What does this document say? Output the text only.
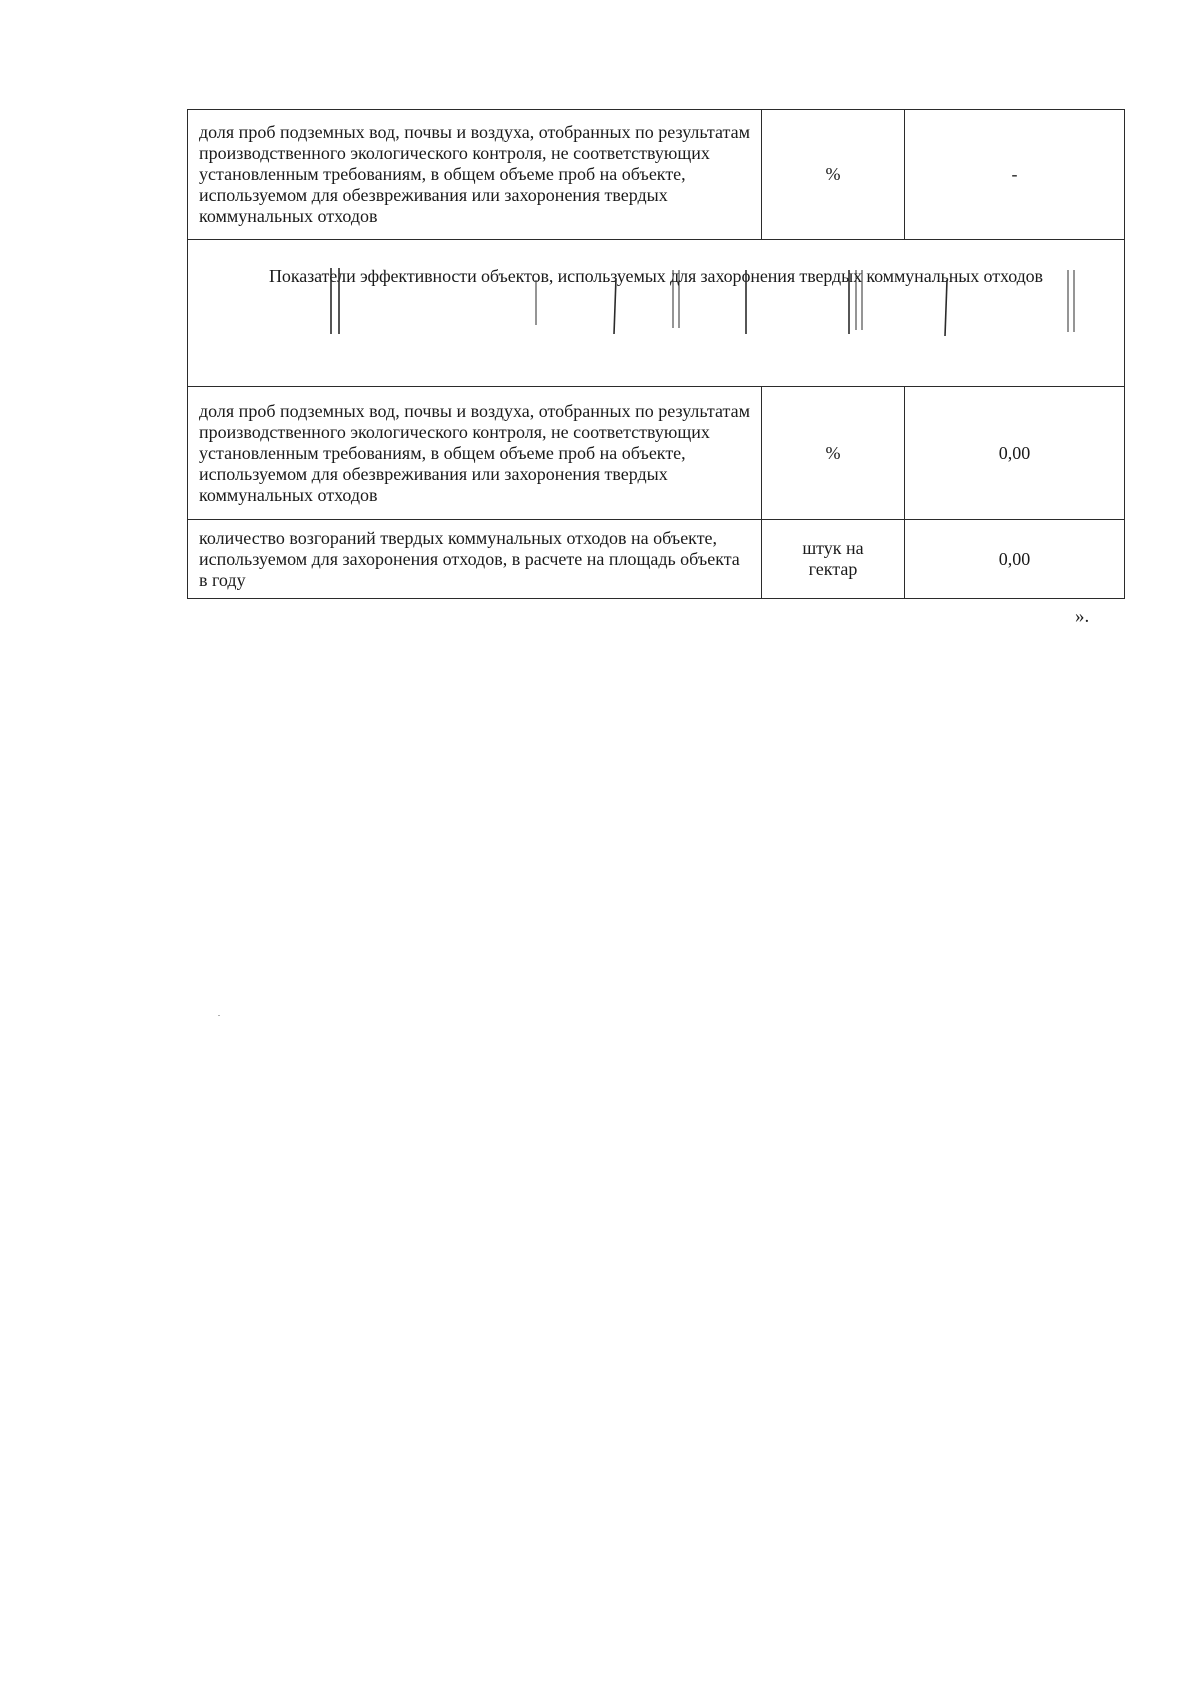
доля проб подземных вод, почвы и воздуха, отобранных по результатам производственного экологического контроля, не соответствующих установленным требованиям, в общем объеме проб на объекте, используемом для обезвреживания или захоронения твердых коммунальных отходов	%	-

Показатели эффективности объектов, используемых для захоронения твердых коммунальных отходов		

доля проб подземных вод, почвы и воздуха, отобранных по результатам производственного экологического контроля, не соответствующих установленным требованиям, в общем объеме проб на объекте, используемом для обезвреживания или захоронения твердых коммунальных отходов	%	0,00
количество возгораний твердых коммунальных отходов на объекте, используемом для захоронения отходов, в расчете на площадь объекта в году	штук на гектар	0,00
».
